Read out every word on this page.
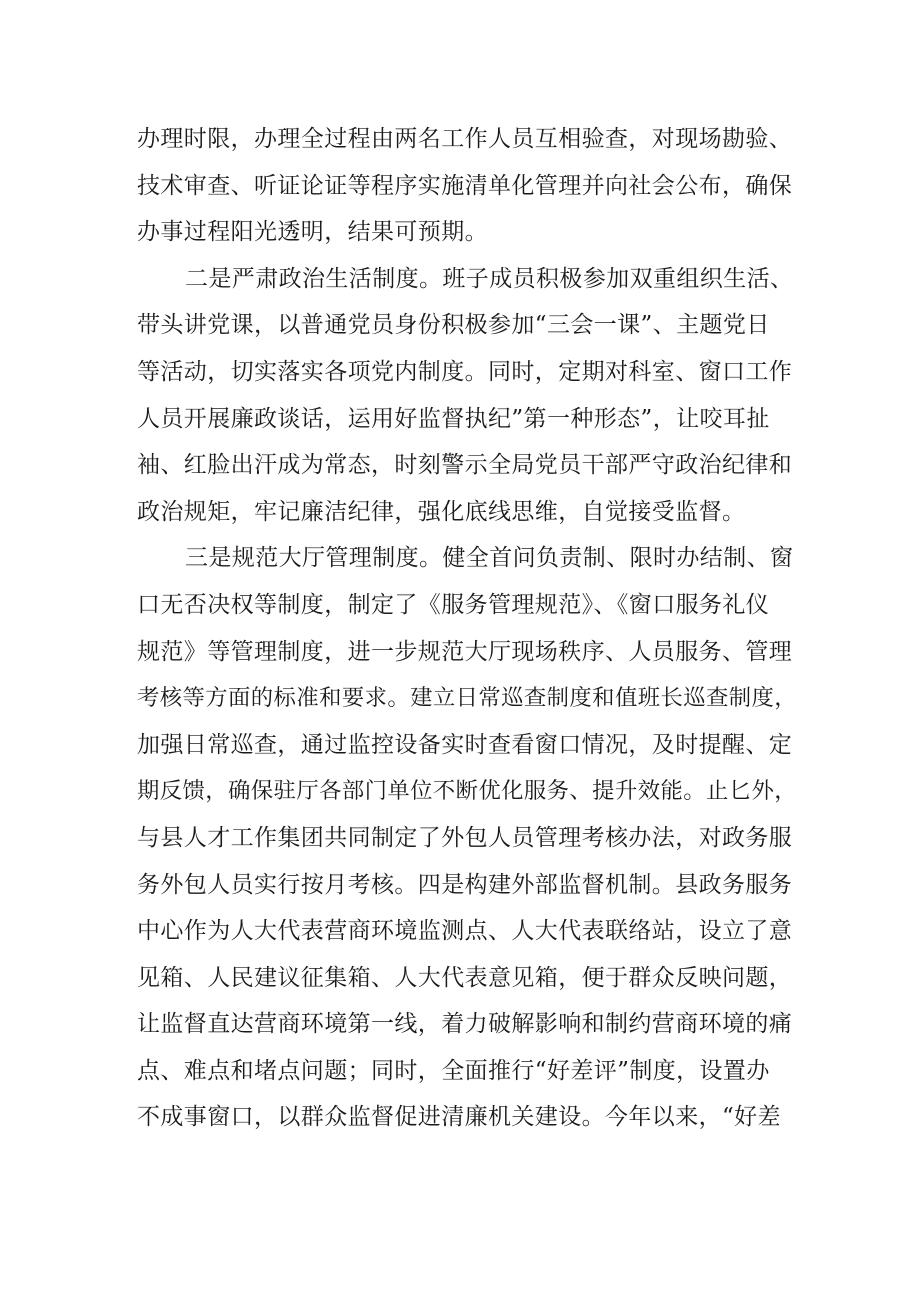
办理时限，办理全过程由两名工作人员互相验查，对现场勘验、
技术审查、听证论证等程序实施清单化管理并向社会公布，确保
办事过程阳光透明，结果可预期。
二是严肃政治生活制度。班子成员积极参加双重组织生活、
带头讲党课，以普通党员身份积极参加“三会一课”、主题党日
等活动，切实落实各项党内制度。同时，定期对科室、窗口工作
人员开展廉政谈话，运用好监督执纪”第一种形态”，让咬耳扯
袖、红脸出汗成为常态，时刻警示全局党员干部严守政治纪律和
政治规矩，牢记廉洁纪律，强化底线思维，自觉接受监督。
三是规范大厅管理制度。健全首问负责制、限时办结制、窗
口无否决权等制度，制定了《服务管理规范》、《窗口服务礼仪
规范》等管理制度，进一步规范大厅现场秩序、人员服务、管理
考核等方面的标准和要求。建立日常巡查制度和值班长巡查制度，
加强日常巡查，通过监控设备实时查看窗口情况，及时提醒、定
期反馈，确保驻厅各部门单位不断优化服务、提升效能。止匕外，
与县人才工作集团共同制定了外包人员管理考核办法，对政务服
务外包人员实行按月考核。四是构建外部监督机制。县政务服务
中心作为人大代表营商环境监测点、人大代表联络站，设立了意
见箱、人民建议征集箱、人大代表意见箱，便于群众反映问题，
让监督直达营商环境第一线，着力破解影响和制约营商环境的痛
点、难点和堵点问题；同时，全面推行“好差评”制度，设置办
不成事窗口，以群众监督促进清廉机关建设。今年以来，“好差
